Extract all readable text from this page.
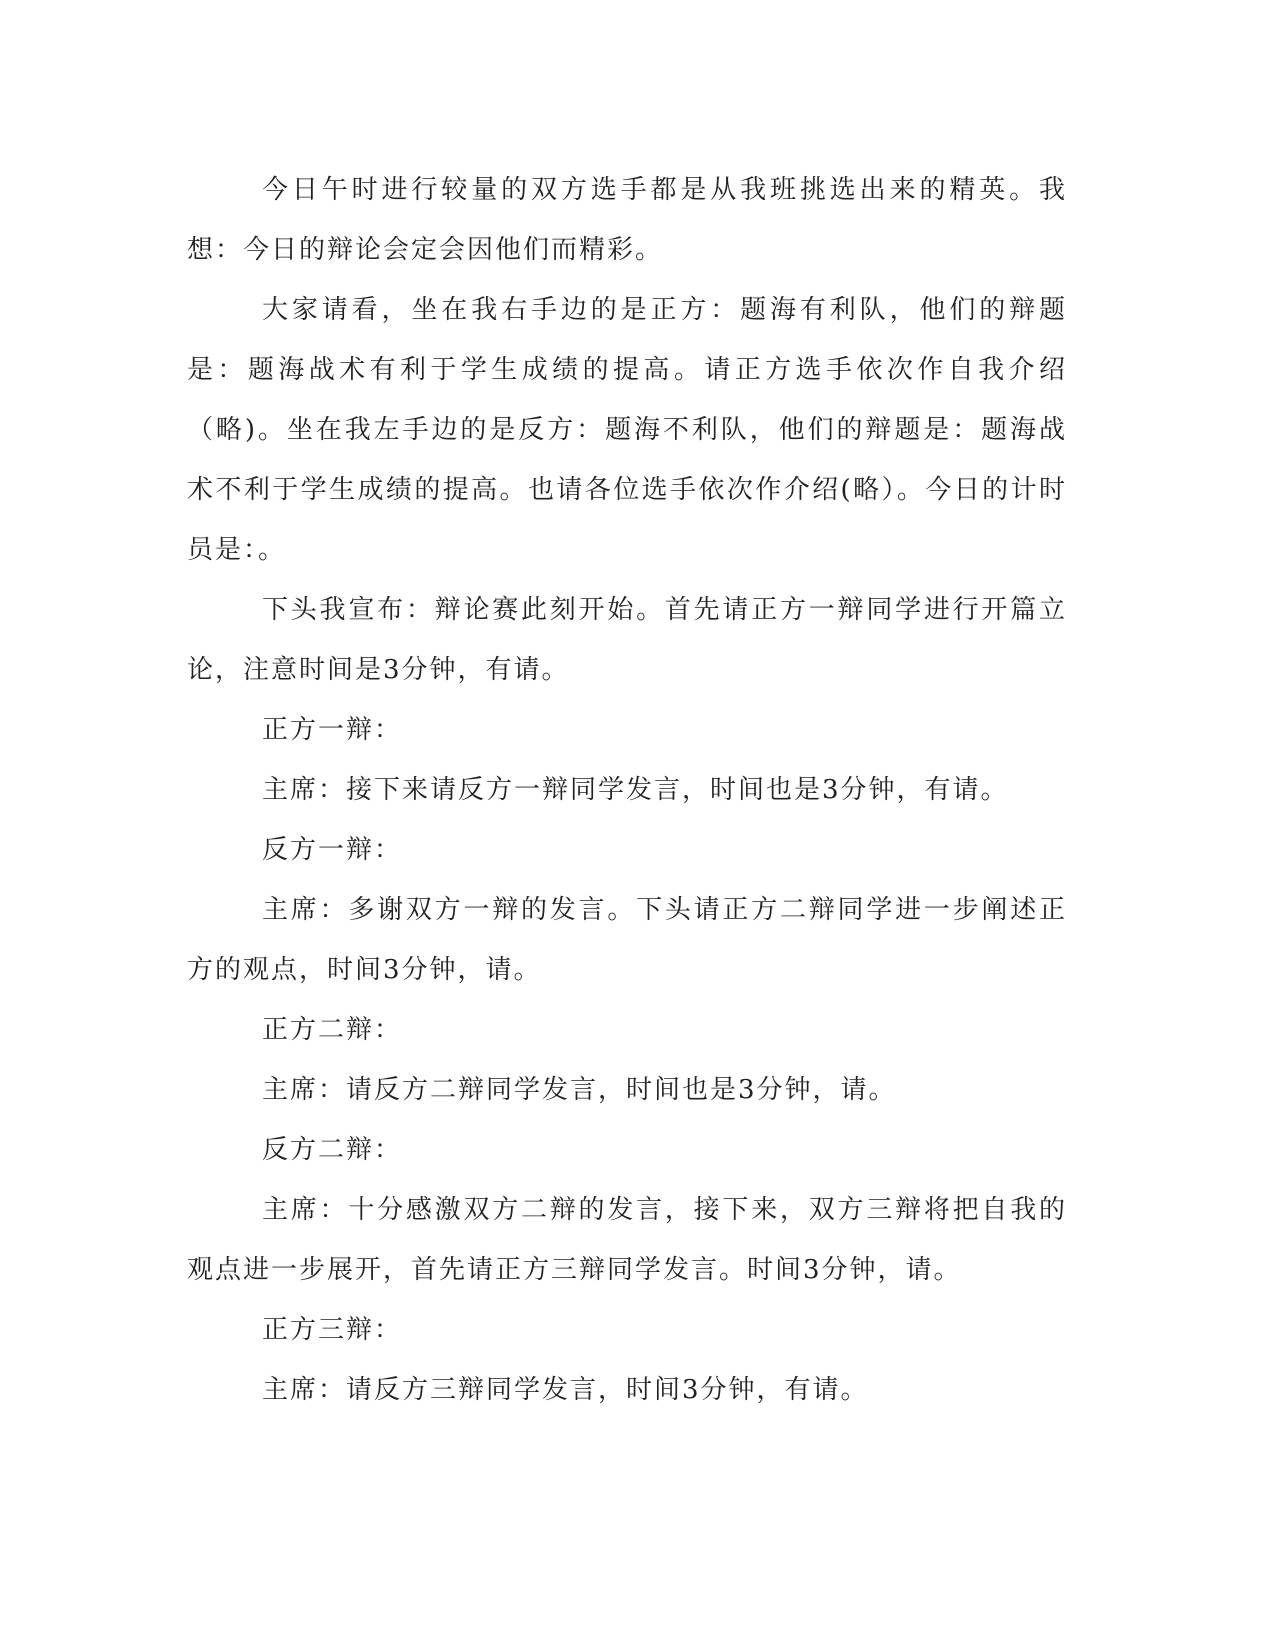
今日午时进行较量的双方选手都是从我班挑选出来的精英。我想：今日的辩论会定会因他们而精彩。

大家请看，坐在我右手边的是正方：题海有利队，他们的辩题是：题海战术有利于学生成绩的提高。请正方选手依次作自我介绍（略)。坐在我左手边的是反方：题海不利队，他们的辩题是：题海战术不利于学生成绩的提高。也请各位选手依次作介绍(略）。今日的计时员是：。

下头我宣布：辩论赛此刻开始。首先请正方一辩同学进行开篇立论，注意时间是3分钟，有请。

正方一辩：

主席：接下来请反方一辩同学发言，时间也是3分钟，有请。

反方一辩：

主席：多谢双方一辩的发言。下头请正方二辩同学进一步阐述正方的观点，时间3分钟，请。

正方二辩：

主席：请反方二辩同学发言，时间也是3分钟，请。

反方二辩：

主席：十分感激双方二辩的发言，接下来，双方三辩将把自我的观点进一步展开，首先请正方三辩同学发言。时间3分钟，请。

正方三辩：

主席：请反方三辩同学发言，时间3分钟，有请。
